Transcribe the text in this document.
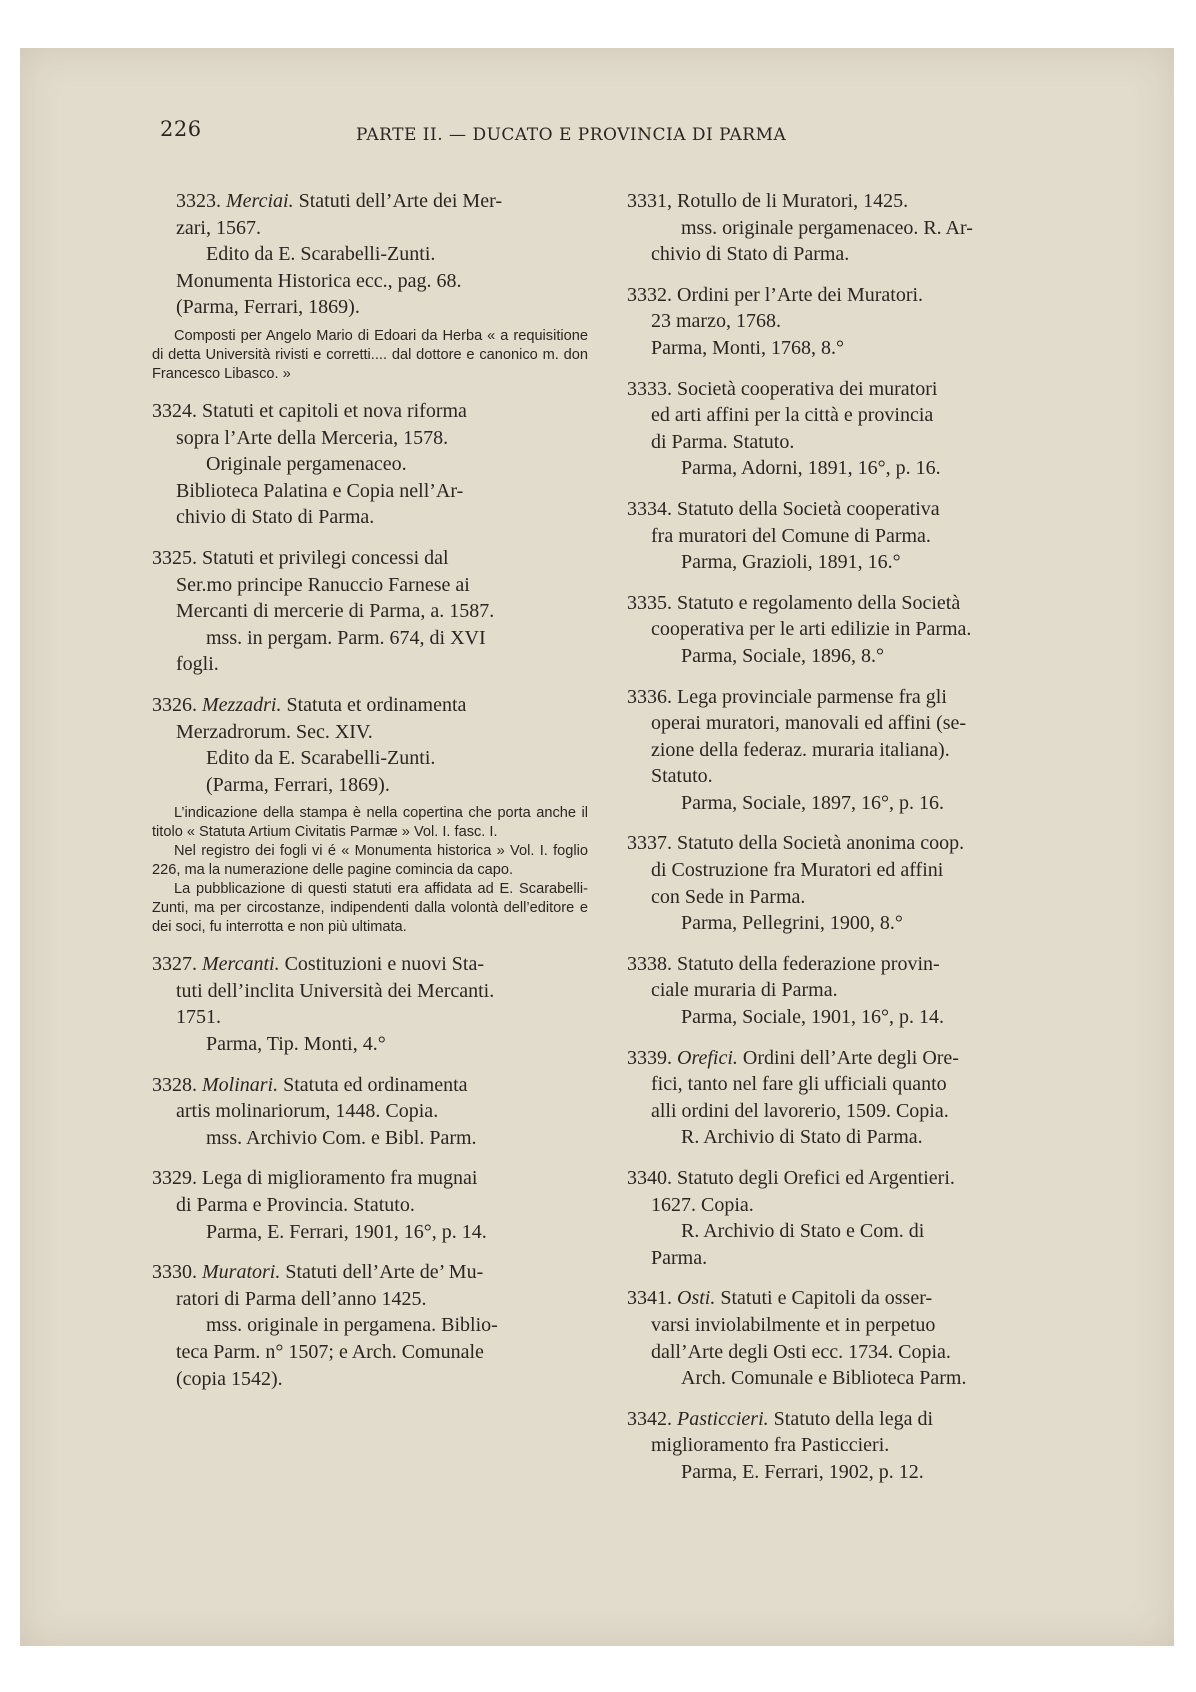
226	PARTE II. — DUCATO E PROVINCIA DI PARMA

3323. Merciai. Statuti dell’Arte dei Mer-

zari, 1567.

Edito da E. Scarabelli-Zunti.

Monumenta Historica ecc., pag. 68.

(Parma, Ferrari, 1869).

Composti per Angelo Mario di Edoari da Herba « a requisitione di detta Università rivisti e corretti.... dal dottore e canonico m. don Francesco Libasco. »

3324. Statuti et capitoli et nova riforma

sopra l’Arte della Merceria, 1578.

Originale pergamenaceo.

Biblioteca Palatina e Copia nell’Ar-

chivio di Stato di Parma.

3325. Statuti et privilegi concessi dal

Ser.mo principe Ranuccio Farnese ai

Mercanti di mercerie di Parma, a. 1587.

mss. in pergam. Parm. 674, di XVI

fogli.

3326. Mezzadri. Statuta et ordinamenta

Merzadrorum. Sec. XIV.

Edito da E. Scarabelli-Zunti.

(Parma, Ferrari, 1869).

L’indicazione della stampa è nella copertina che porta anche il titolo « Statuta Artium Civitatis Parmæ » Vol. I. fasc. I.

Nel registro dei fogli vi é « Monumenta historica » Vol. I. foglio 226, ma la numerazione delle pagine comincia da capo.

La pubblicazione di questi statuti era affidata ad E. Scarabelli-Zunti, ma per circostanze, indipendenti dalla volontà dell’editore e dei soci, fu interrotta e non più ultimata.

3327. Mercanti. Costituzioni e nuovi Sta-

tuti dell’inclita Università dei Mercanti.

1751.

Parma, Tip. Monti, 4.°

3328. Molinari. Statuta ed ordinamenta

artis molinariorum, 1448. Copia.

mss. Archivio Com. e Bibl. Parm.

3329. Lega di miglioramento fra mugnai

di Parma e Provincia. Statuto.

Parma, E. Ferrari, 1901, 16°, p. 14.

3330. Muratori. Statuti dell’Arte de’ Mu-

ratori di Parma dell’anno 1425.

mss. originale in pergamena. Biblio-

teca Parm. n° 1507; e Arch. Comunale

(copia 1542).

3331, Rotullo de li Muratori, 1425.

mss. originale pergamenaceo. R. Ar-

chivio di Stato di Parma.

3332. Ordini per l’Arte dei Muratori.

23 marzo, 1768.

Parma, Monti, 1768, 8.°

3333. Società cooperativa dei muratori

ed arti affini per la città e provincia

di Parma. Statuto.

Parma, Adorni, 1891, 16°, p. 16.

3334. Statuto della Società cooperativa

fra muratori del Comune di Parma.

Parma, Grazioli, 1891, 16.°

3335. Statuto e regolamento della Società

cooperativa per le arti edilizie in Parma.

Parma, Sociale, 1896, 8.°

3336. Lega provinciale parmense fra gli

operai muratori, manovali ed affini (se-

zione della federaz. muraria italiana).

Statuto.

Parma, Sociale, 1897, 16°, p. 16.

3337. Statuto della Società anonima coop.

di Costruzione fra Muratori ed affini

con Sede in Parma.

Parma, Pellegrini, 1900, 8.°

3338. Statuto della federazione provin-

ciale muraria di Parma.

Parma, Sociale, 1901, 16°, p. 14.

3339. Orefici. Ordini dell’Arte degli Ore-

fici, tanto nel fare gli ufficiali quanto

alli ordini del lavorerio, 1509. Copia.

R. Archivio di Stato di Parma.

3340. Statuto degli Orefici ed Argentieri.

1627. Copia.

R. Archivio di Stato e Com. di

Parma.

3341. Osti. Statuti e Capitoli da osser-

varsi inviolabilmente et in perpetuo

dall’Arte degli Osti ecc. 1734. Copia.

Arch. Comunale e Biblioteca Parm.

3342. Pasticcieri. Statuto della lega di

miglioramento fra Pasticcieri.

Parma, E. Ferrari, 1902, p. 12.
